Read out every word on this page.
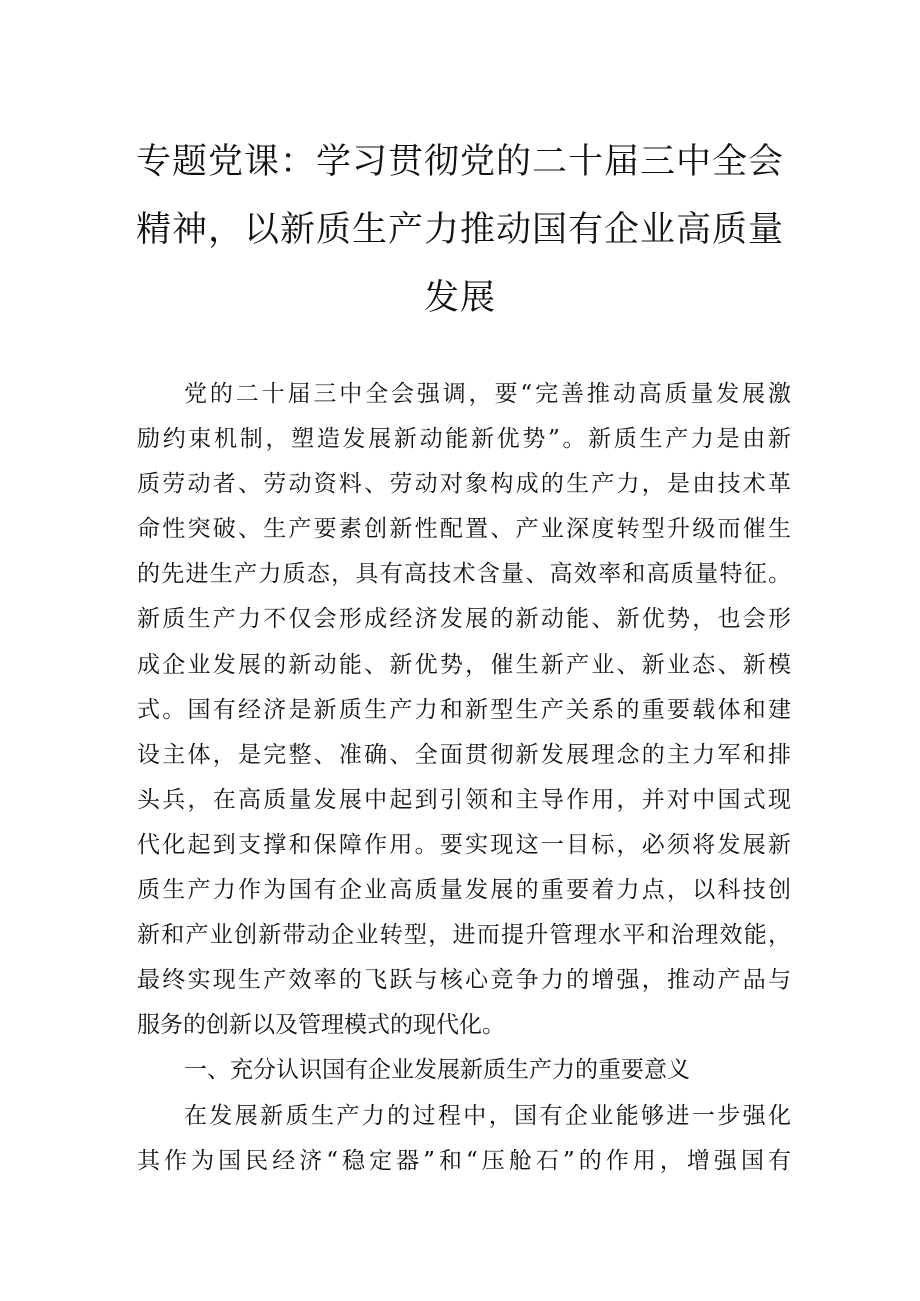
专题党课：学习贯彻党的二十届三中全会
精神，以新质生产力推动国有企业高质量
发展
党的二十届三中全会强调，要“完善推动高质量发展激
励约束机制，塑造发展新动能新优势”。新质生产力是由新
质劳动者、劳动资料、劳动对象构成的生产力，是由技术革
命性突破、生产要素创新性配置、产业深度转型升级而催生
的先进生产力质态，具有高技术含量、高效率和高质量特征。
新质生产力不仅会形成经济发展的新动能、新优势，也会形
成企业发展的新动能、新优势，催生新产业、新业态、新模
式。国有经济是新质生产力和新型生产关系的重要载体和建
设主体，是完整、准确、全面贯彻新发展理念的主力军和排
头兵，在高质量发展中起到引领和主导作用，并对中国式现
代化起到支撑和保障作用。要实现这一目标，必须将发展新
质生产力作为国有企业高质量发展的重要着力点，以科技创
新和产业创新带动企业转型，进而提升管理水平和治理效能，
最终实现生产效率的飞跃与核心竞争力的增强，推动产品与
服务的创新以及管理模式的现代化。
一、充分认识国有企业发展新质生产力的重要意义
在发展新质生产力的过程中，国有企业能够进一步强化
其作为国民经济“稳定器”和“压舱石”的作用，增强国有
